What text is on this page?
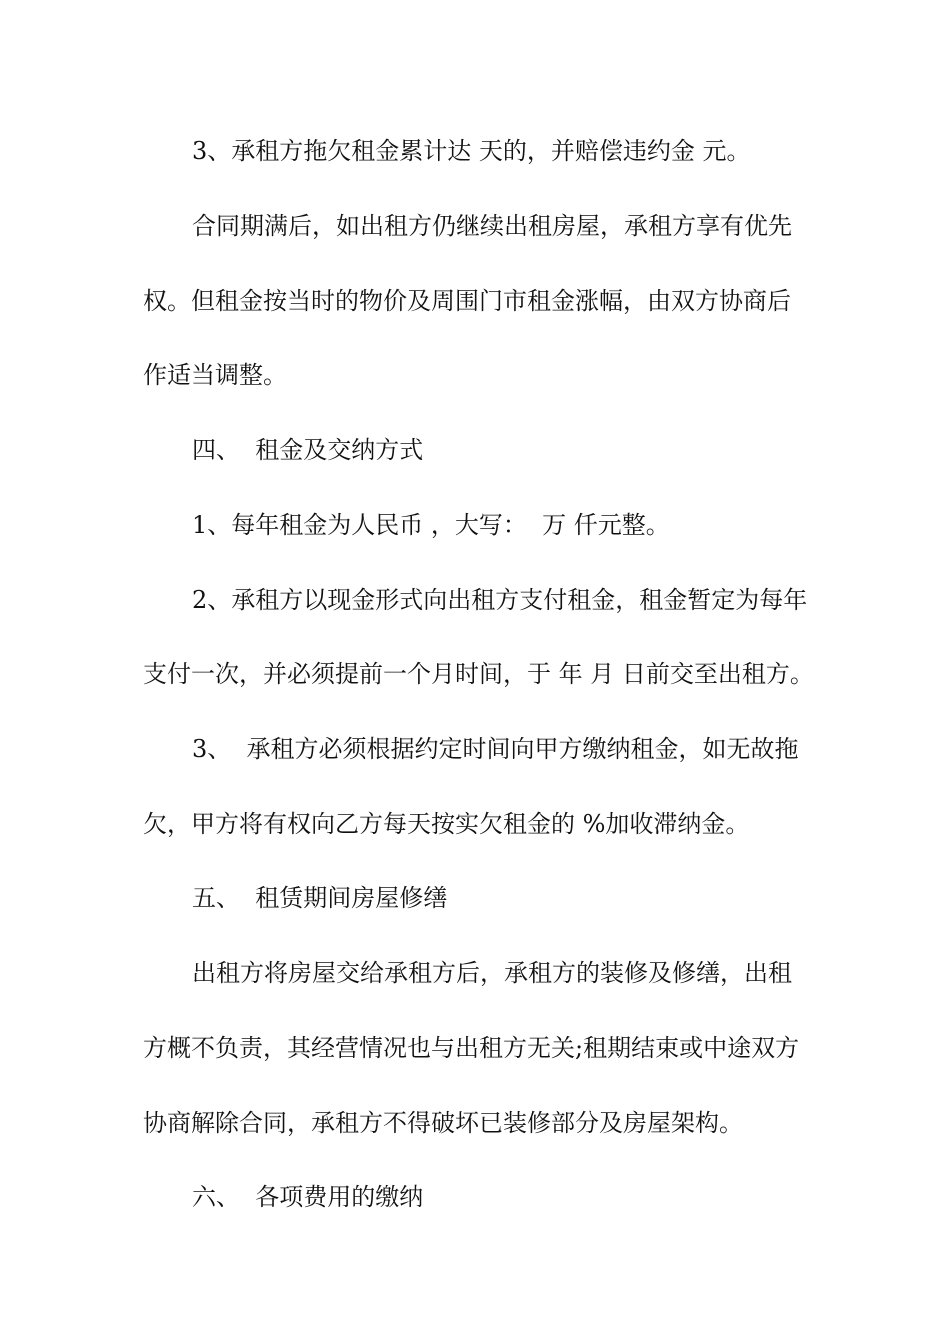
3、承租方拖欠租金累计达 天的，并赔偿违约金 元。
合同期满后，如出租方仍继续出租房屋，承租方享有优先
权。但租金按当时的物价及周围门市租金涨幅，由双方协商后
作适当调整。
四、  租金及交纳方式
1、每年租金为人民币 ，大写：  万 仟元整。
2、承租方以现金形式向出租方支付租金，租金暂定为每年
支付一次，并必须提前一个月时间，于 年 月 日前交至出租方。
3、  承租方必须根据约定时间向甲方缴纳租金，如无故拖
欠，甲方将有权向乙方每天按实欠租金的 %加收滞纳金。
五、  租赁期间房屋修缮
出租方将房屋交给承租方后，承租方的装修及修缮，出租
方概不负责，其经营情况也与出租方无关;租期结束或中途双方
协商解除合同，承租方不得破坏已装修部分及房屋架构。
六、  各项费用的缴纳
